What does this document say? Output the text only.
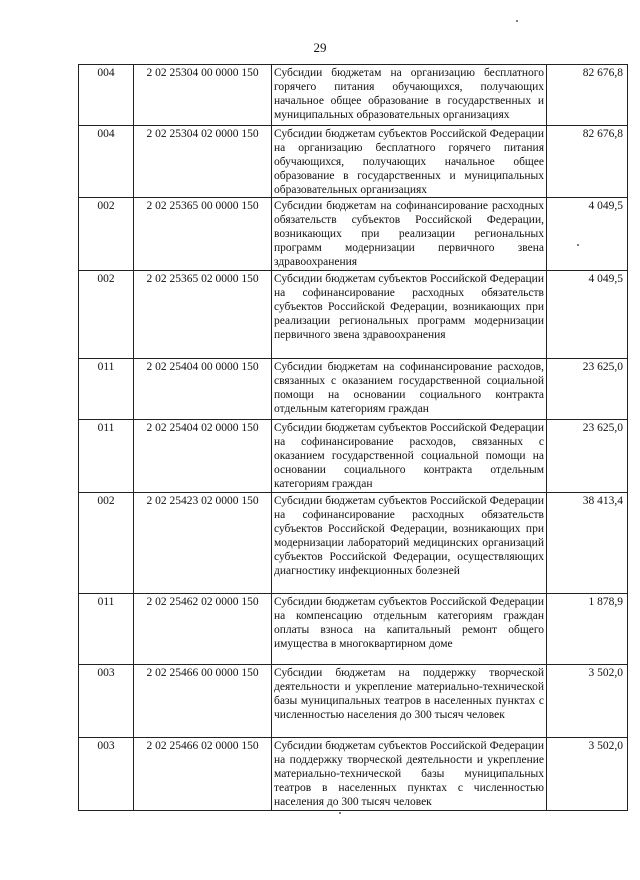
29
004	2 02 25304 00 0000 150	Субсидии бюджетам на организацию бесплатного горячего питания обучающихся, получающих начальное общее образование в государственных и муниципальных образовательных организациях	82 676,8
004	2 02 25304 02 0000 150	Субсидии бюджетам субъектов Российской Федерации на организацию бесплатного горячего питания обучающихся, получающих начальное общее образование в государственных и муниципальных образовательных организациях	82 676,8
002	2 02 25365 00 0000 150	Субсидии бюджетам на софинансирование расходных обязательств субъектов Российской Федерации, возникающих при реализации региональных программ модернизации первичного звена здравоохранения	4 049,5
002	2 02 25365 02 0000 150	Субсидии бюджетам субъектов Российской Федерации на софинансирование расходных обязательств субъектов Российской Федерации, возникающих при реализации региональных программ модернизации первичного звена здравоохранения	4 049,5
011	2 02 25404 00 0000 150	Субсидии бюджетам на софинансирование расходов, связанных с оказанием государственной социальной помощи на основании социального контракта отдельным категориям граждан	23 625,0
011	2 02 25404 02 0000 150	Субсидии бюджетам субъектов Российской Федерации на софинансирование расходов, связанных с оказанием государственной социальной помощи на основании социального контракта отдельным категориям граждан	23 625,0
002	2 02 25423 02 0000 150	Субсидии бюджетам субъектов Российской Федерации на софинансирование расходных обязательств субъектов Российской Федерации, возникающих при модернизации лабораторий медицинских организаций субъектов Российской Федерации, осуществляющих диагностику инфекционных болезней	38 413,4
011	2 02 25462 02 0000 150	Субсидии бюджетам субъектов Российской Федерации на компенсацию отдельным категориям граждан оплаты взноса на капитальный ремонт общего имущества в многоквартирном доме	1 878,9
003	2 02 25466 00 0000 150	Субсидии бюджетам на поддержку творческой деятельности и укрепление материально-технической базы муниципальных театров в населенных пунктах с численностью населения до 300 тысяч человек	3 502,0
003	2 02 25466 02 0000 150	Субсидии бюджетам субъектов Российской Федерации на поддержку творческой деятельности и укрепление материально-технической базы муниципальных театров в населенных пунктах с численностью населения до 300 тысяч человек	3 502,0
